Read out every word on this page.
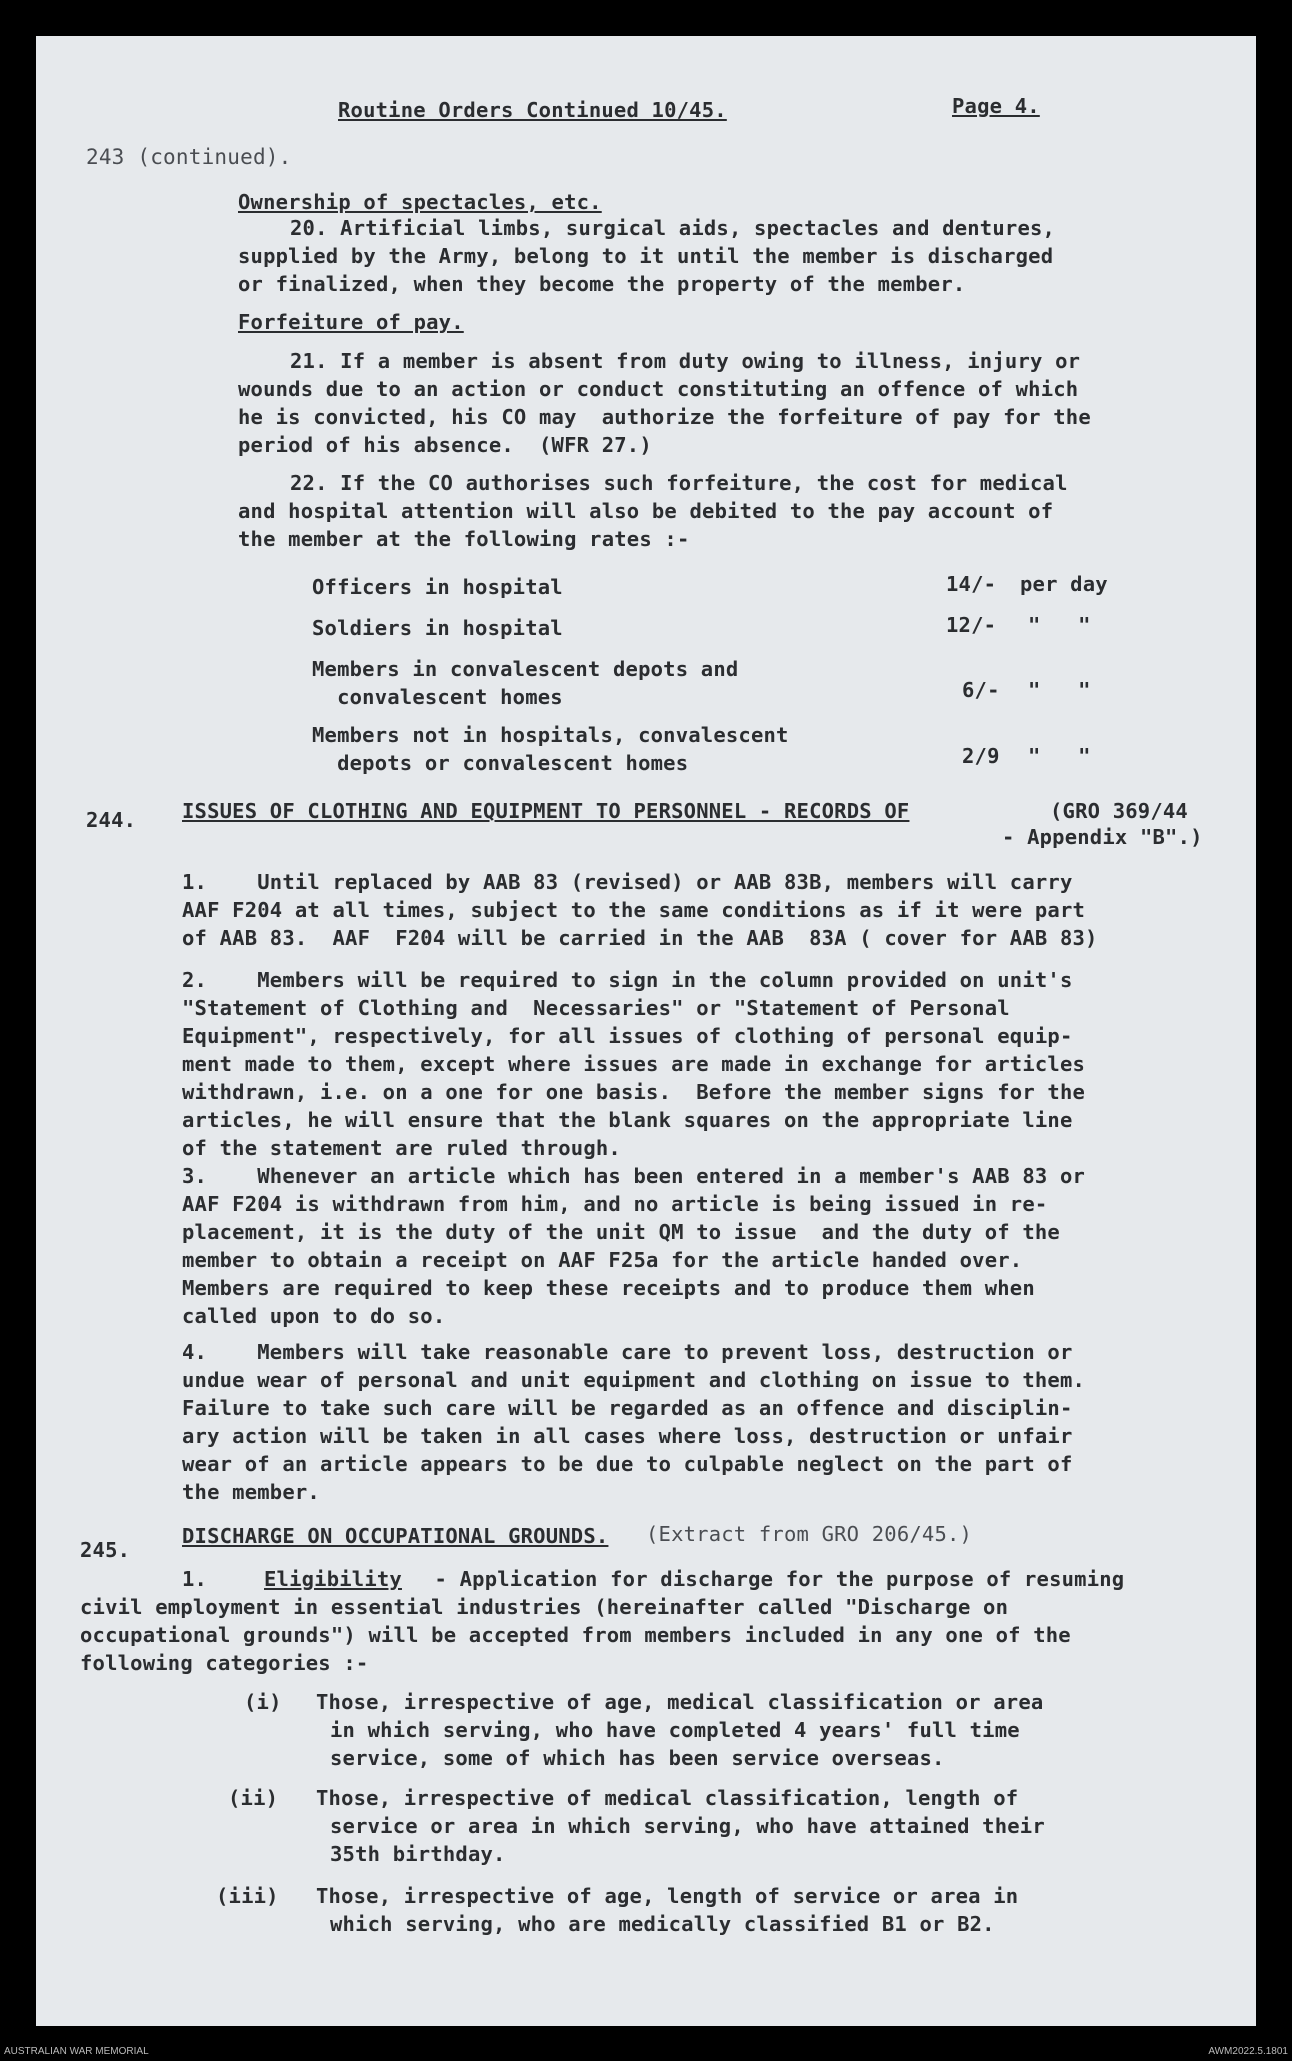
Routine Orders Continued 10/45.	Page 4.
243 (continued).
Ownership of spectacles, etc.
20. Artificial limbs, surgical aids, spectacles and dentures,
supplied by the Army, belong to it until the member is discharged
or finalized, when they become the property of the member.
Forfeiture of pay.
21. If a member is absent from duty owing to illness, injury or
wounds due to an action or conduct constituting an offence of which
he is convicted, his CO may  authorize the forfeiture of pay for the
period of his absence.  (WFR 27.)
22. If the CO authorises such forfeiture, the cost for medical
and hospital attention will also be debited to the pay account of
the member at the following rates :-
Officers in hospital	14/- per day
Soldiers in hospital	12/- "   "
Members in convalescent depots and
convalescent homes	6/- "   "
Members not in hospitals, convalescent
depots or convalescent homes	2/9 "   "
244. ISSUES OF CLOTHING AND EQUIPMENT TO PERSONNEL - RECORDS OF	(GRO 369/44
- Appendix "B".)
1.    Until replaced by AAB 83 (revised) or AAB 83B, members will carry
AAF F204 at all times, subject to the same conditions as if it were part
of AAB 83.  AAF  F204 will be carried in the AAB  83A ( cover for AAB 83)
2.    Members will be required to sign in the column provided on unit's
"Statement of Clothing and  Necessaries" or "Statement of Personal
Equipment", respectively, for all issues of clothing of personal equip-
ment made to them, except where issues are made in exchange for articles
withdrawn, i.e. on a one for one basis.  Before the member signs for the
articles, he will ensure that the blank squares on the appropriate line
of the statement are ruled through.
3.    Whenever an article which has been entered in a member's AAB 83 or
AAF F204 is withdrawn from him, and no article is being issued in re-
placement, it is the duty of the unit QM to issue  and the duty of the
member to obtain a receipt on AAF F25a for the article handed over.
Members are required to keep these receipts and to produce them when
called upon to do so.
4.    Members will take reasonable care to prevent loss, destruction or
undue wear of personal and unit equipment and clothing on issue to them.
Failure to take such care will be regarded as an offence and disciplin-
ary action will be taken in all cases where loss, destruction or unfair
wear of an article appears to be due to culpable neglect on the part of
the member.
245.
DISCHARGE ON OCCUPATIONAL GROUNDS. (Extract from GRO 206/45.)
1.	Eligibility - Application for discharge for the purpose of resuming
civil employment in essential industries (hereinafter called "Discharge on
occupational grounds") will be accepted from members included in any one of the
following categories :-
(i) Those, irrespective of age, medical classification or area
in which serving, who have completed 4 years' full time
service, some of which has been service overseas.
(ii) Those, irrespective of medical classification, length of
service or area in which serving, who have attained their
35th birthday.
(iii) Those, irrespective of age, length of service or area in
which serving, who are medically classified B1 or B2.
AUSTRALIAN WAR MEMORIAL	AWM2022.5.1801
